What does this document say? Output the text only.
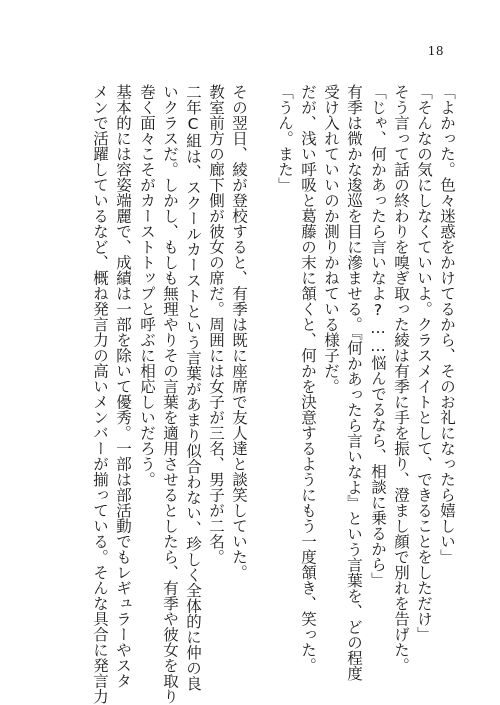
18
「よかった。色々迷惑をかけてるから、そのお礼になったら嬉しい」
「そんなの気にしなくていいよ。クラスメイトとして、できることをしただけ」
そう言って話の終わりを嗅ぎ取った綾は有季に手を振り、澄まし顔で別れを告げた。
「じゃ、何かあったら言いなよ?……悩んでるなら、相談に乗るから」
有季は微かな逡巡を目に滲ませる。『何かあったら言いなよ』という言葉を、どの程度
受け入れていいのか測りかねている様子だ。
だが、浅い呼吸と葛藤の末に頷くと、何かを決意するようにもう一度頷き、笑った。
「うん。また」
その翌日、綾が登校すると、有季は既に座席で友人達と談笑していた。
教室前方の廊下側が彼女の席だ。周囲には女子が三名、男子が二名。
二年C組は、スクールカーストという言葉があまり似合わない、珍しく全体的に仲の良
いクラスだ。しかし、もしも無理やりその言葉を適用させるとしたら、有季や彼女を取り
巻く面々こそがカーストトップと呼ぶに相応しいだろう。
基本的には容姿端麗で、成績は一部を除いて優秀。一部は部活動でもレギュラーやスタ
メンで活躍しているなど、概ね発言力の高いメンバーが揃っている。そんな具合に発言力
